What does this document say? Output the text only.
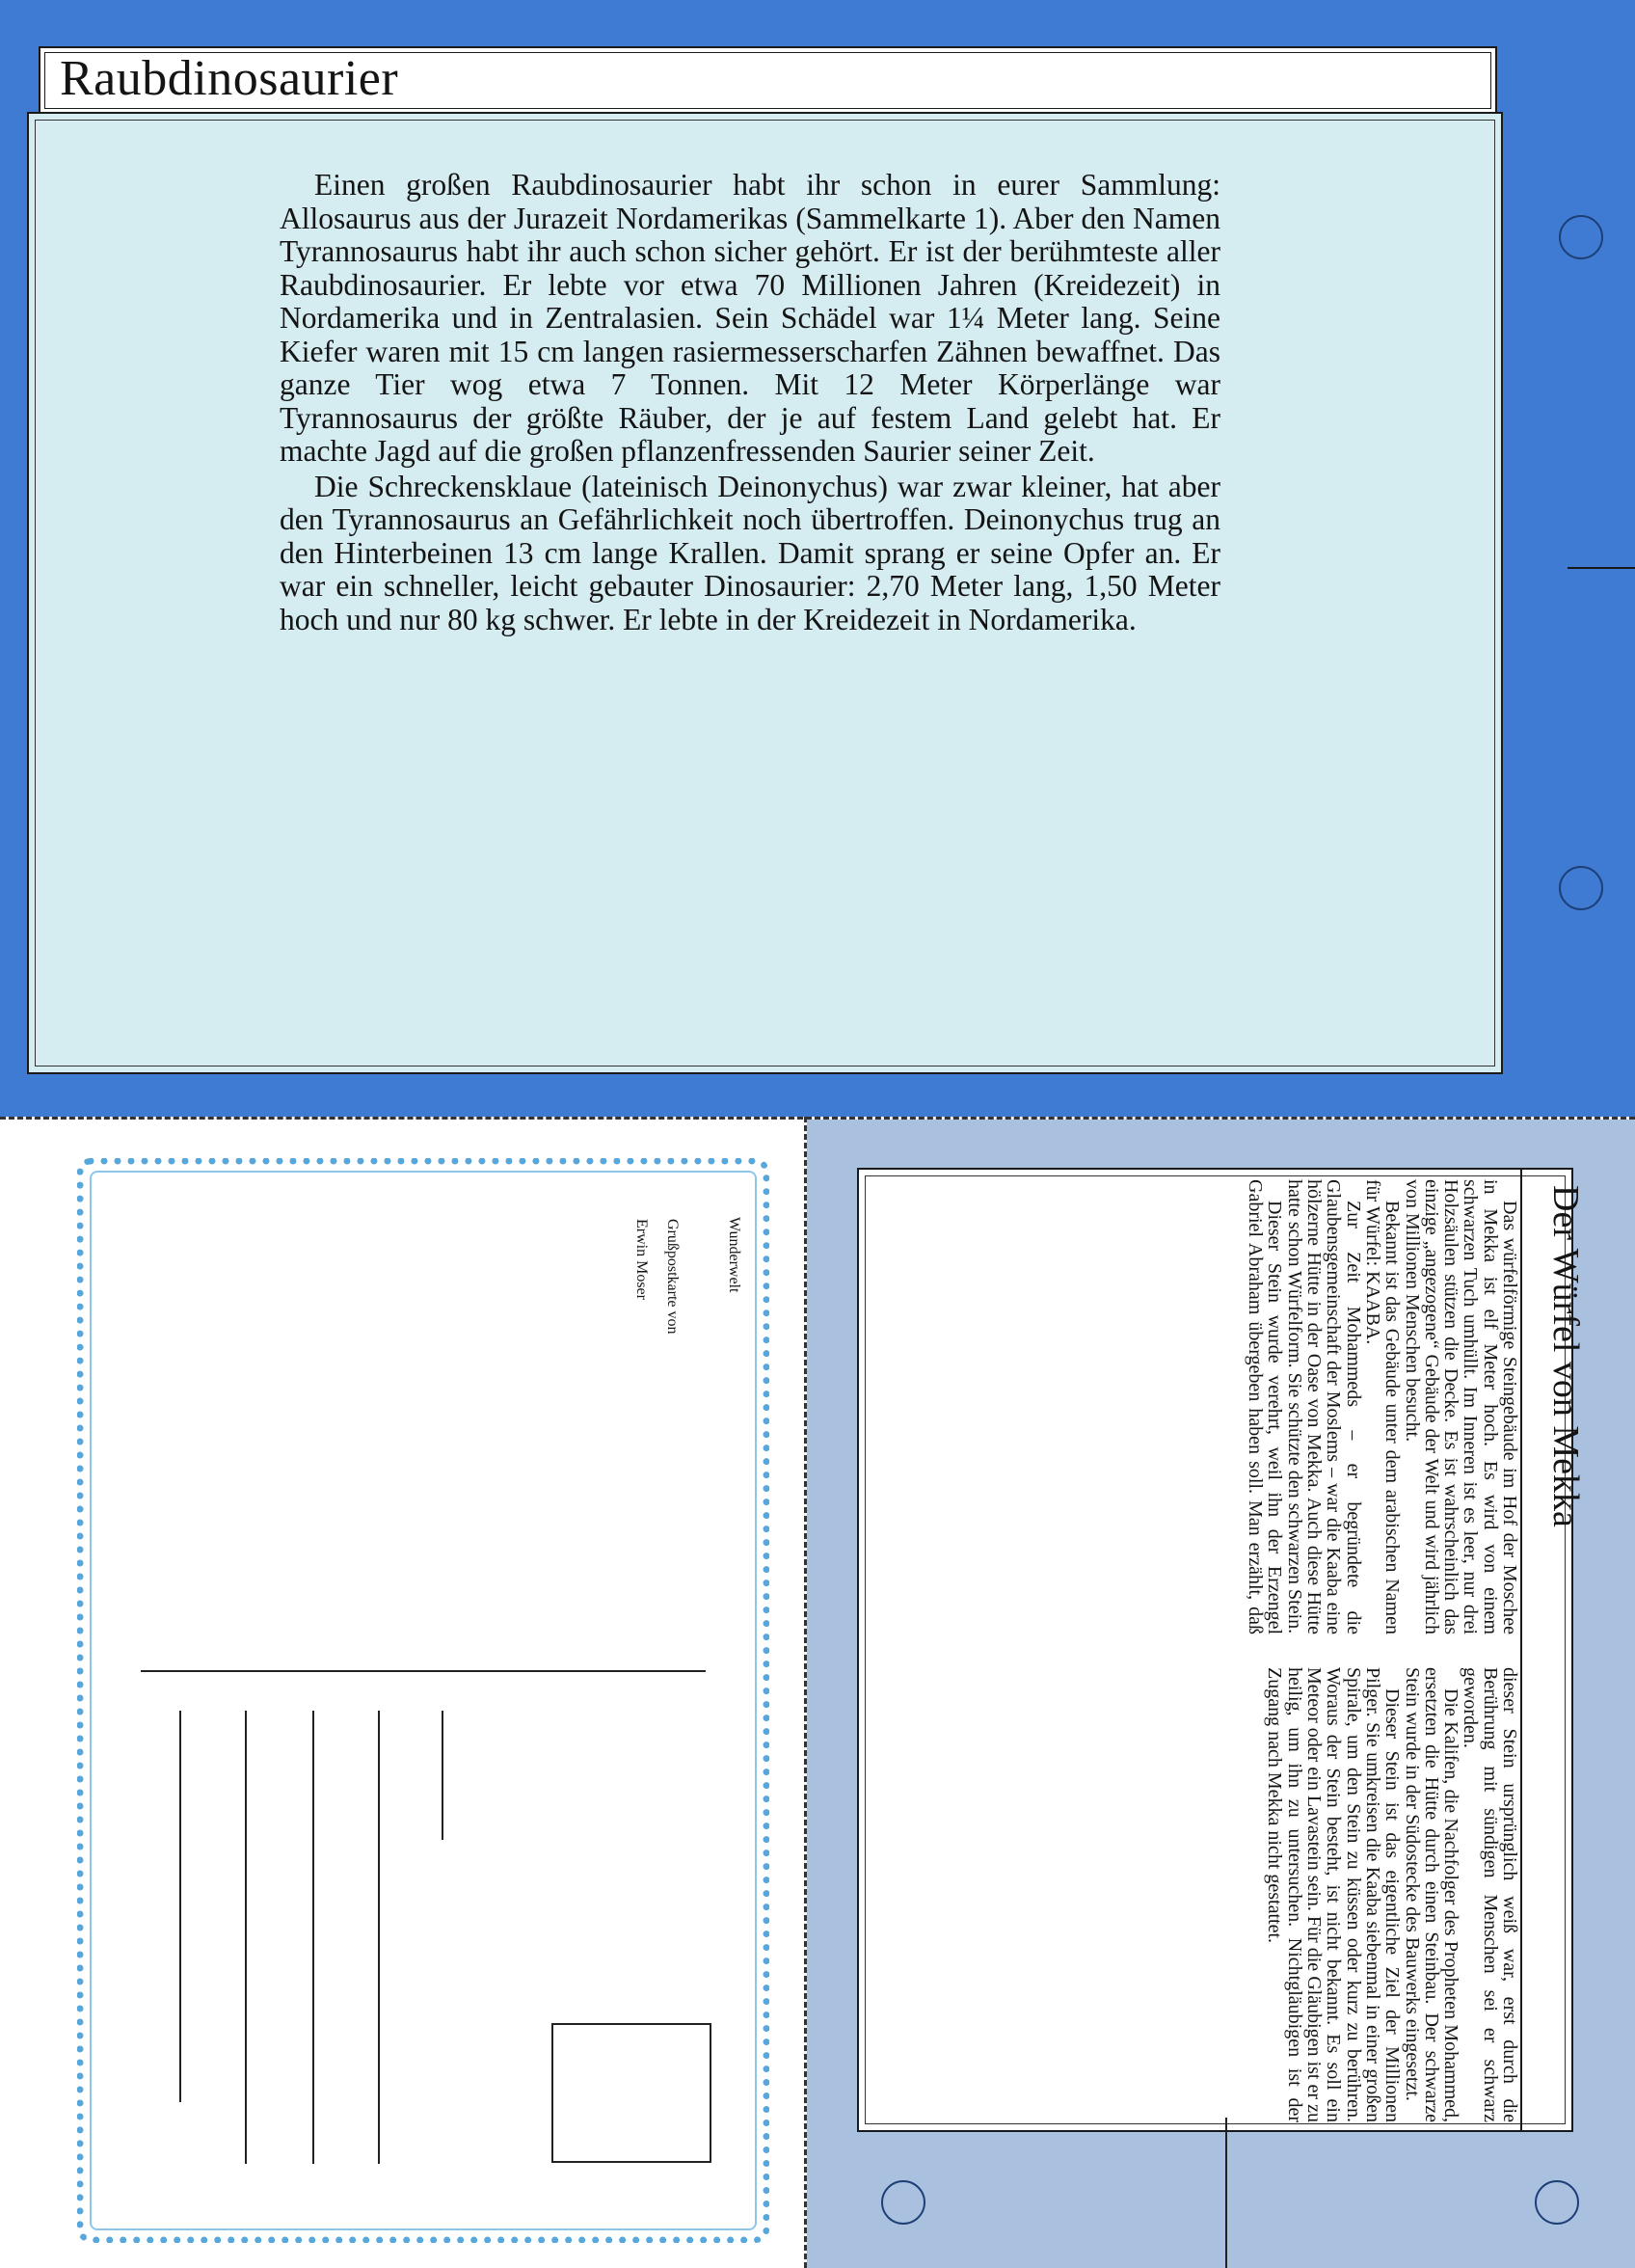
Raubdinosaurier

Einen großen Raubdinosaurier habt ihr schon in eurer Sammlung: Allosaurus aus der Jurazeit Nordamerikas (Sammelkarte 1). Aber den Namen Tyrannosaurus habt ihr auch schon sicher gehört. Er ist der berühmteste aller Raubdinosaurier. Er lebte vor etwa 70 Millionen Jahren (Kreidezeit) in Nordamerika und in Zentralasien. Sein Schädel war 1¼ Meter lang. Seine Kiefer waren mit 15 cm langen rasiermesserscharfen Zähnen bewaffnet. Das ganze Tier wog etwa 7 Tonnen. Mit 12 Meter Körperlänge war Tyrannosaurus der größte Räuber, der je auf festem Land gelebt hat. Er machte Jagd auf die großen pflanzenfressenden Saurier seiner Zeit.

Die Schreckensklaue (lateinisch Deinonychus) war zwar kleiner, hat aber den Tyrannosaurus an Gefährlichkeit noch übertroffen. Deinonychus trug an den Hinterbeinen 13 cm lange Krallen. Damit sprang er seine Opfer an. Er war ein schneller, leicht gebauter Dinosaurier: 2,70 Meter lang, 1,50 Meter hoch und nur 80 kg schwer. Er lebte in der Kreidezeit in Nordamerika.

Wunderwelt
Grußpostkarte von
Erwin Moser	Der Würfel von Mekka

Das würfelförmige Steingebäude im Hof der Moschee in Mekka ist elf Meter hoch. Es wird von einem schwarzen Tuch umhüllt. Im Inneren ist es leer, nur drei Holzsäulen stützen die Decke. Es ist wahrscheinlich das einzige „angezogene“ Gebäude der Welt und wird jährlich von Millionen Menschen besucht.

Bekannt ist das Gebäude unter dem arabischen Namen für Würfel: KAABA.

Zur Zeit Mohammeds – er begründete die Glaubensgemeinschaft der Moslems – war die Kaaba eine hölzerne Hütte in der Oase von Mekka. Auch diese Hütte hatte schon Würfelform. Sie schützte den schwarzen Stein.

Dieser Stein wurde verehrt, weil ihn der Erzengel Gabriel Abraham übergeben haben soll. Man erzählt, daß dieser Stein ursprünglich weiß war, erst durch die Berührung mit sündigen Menschen sei er schwarz geworden.

Die Kalifen, die Nachfolger des Propheten Mohammed, ersetzten die Hütte durch einen Steinbau. Der schwarze Stein wurde in der Südostecke des Bauwerks eingesetzt.

Dieser Stein ist das eigentliche Ziel der Millionen Pilger. Sie umkreisen die Kaaba siebenmal in einer großen Spirale, um den Stein zu küssen oder kurz zu berühren. Woraus der Stein besteht, ist nicht bekannt. Es soll ein Meteor oder ein Lavastein sein. Für die Gläubigen ist er zu heilig, um ihn zu untersuchen. Nichtgläubigen ist der Zugang nach Mekka nicht gestattet.
